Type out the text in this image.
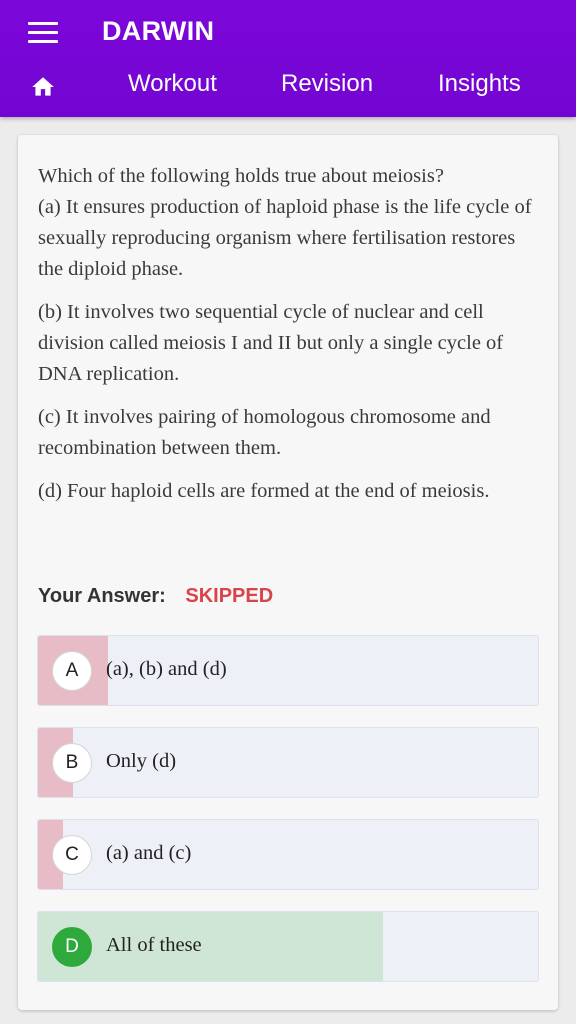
DARWIN
Workout	Revision	Insights

Which of the following holds true about meiosis?

(a) It ensures production of haploid phase is the life cycle of sexually reproducing organism where fertilisation restores the diploid phase.

(b) It involves two sequential cycle of nuclear and cell division called meiosis I and II but only a single cycle of DNA replication.

(c) It involves pairing of homologous chromosome and recombination between them.

(d) Four haploid cells are formed at the end of meiosis.

Your Answer: SKIPPED
A	(a), (b) and (d)
B	Only (d)
C	(a) and (c)
D	All of these
